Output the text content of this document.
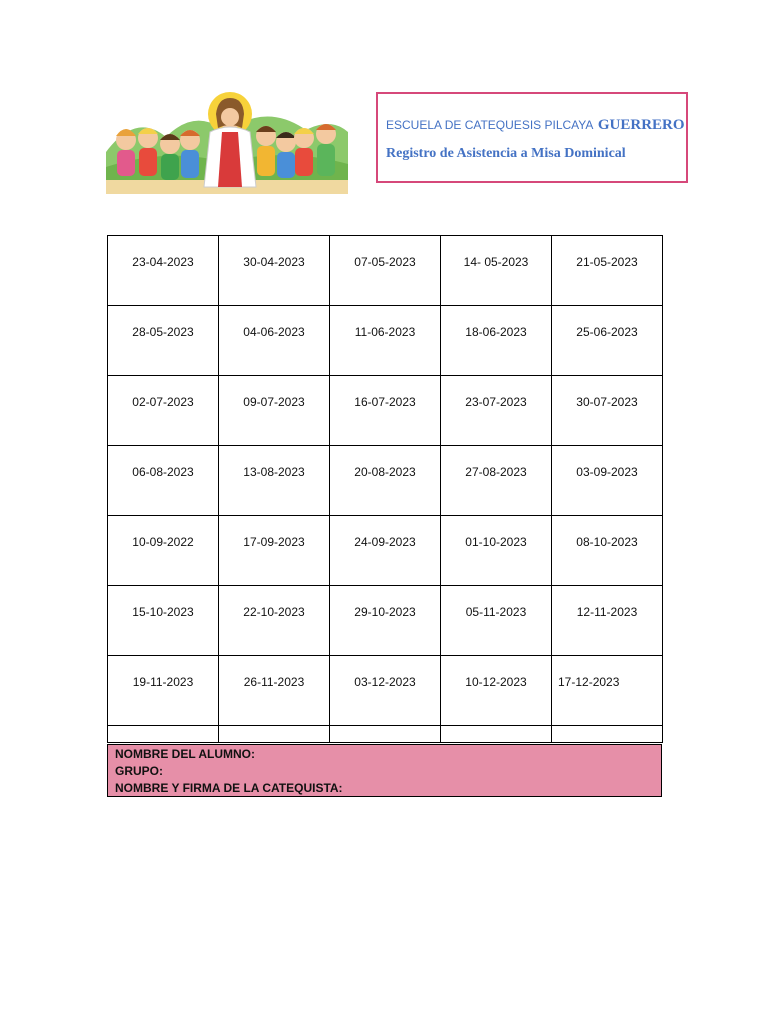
ESCUELA DE CATEQUESIS PILCAYA GUERRERO
Registro de Asistencia a Misa Dominical
23-04-2023	30-04-2023	07-05-2023	14- 05-2023	21-05-2023

28-05-2023	04-06-2023	11-06-2023	18-06-2023	25-06-2023

02-07-2023	09-07-2023	16-07-2023	23-07-2023	30-07-2023

06-08-2023	13-08-2023	20-08-2023	27-08-2023	03-09-2023

10-09-2022	17-09-2023	24-09-2023	01-10-2023	08-10-2023

15-10-2023	22-10-2023	29-10-2023	05-11-2023	12-11-2023

19-11-2023	26-11-2023	03-12-2023	10-12-2023	17-12-2023

NOMBRE DEL ALUMNO:
GRUPO:
NOMBRE Y FIRMA DE LA CATEQUISTA:
